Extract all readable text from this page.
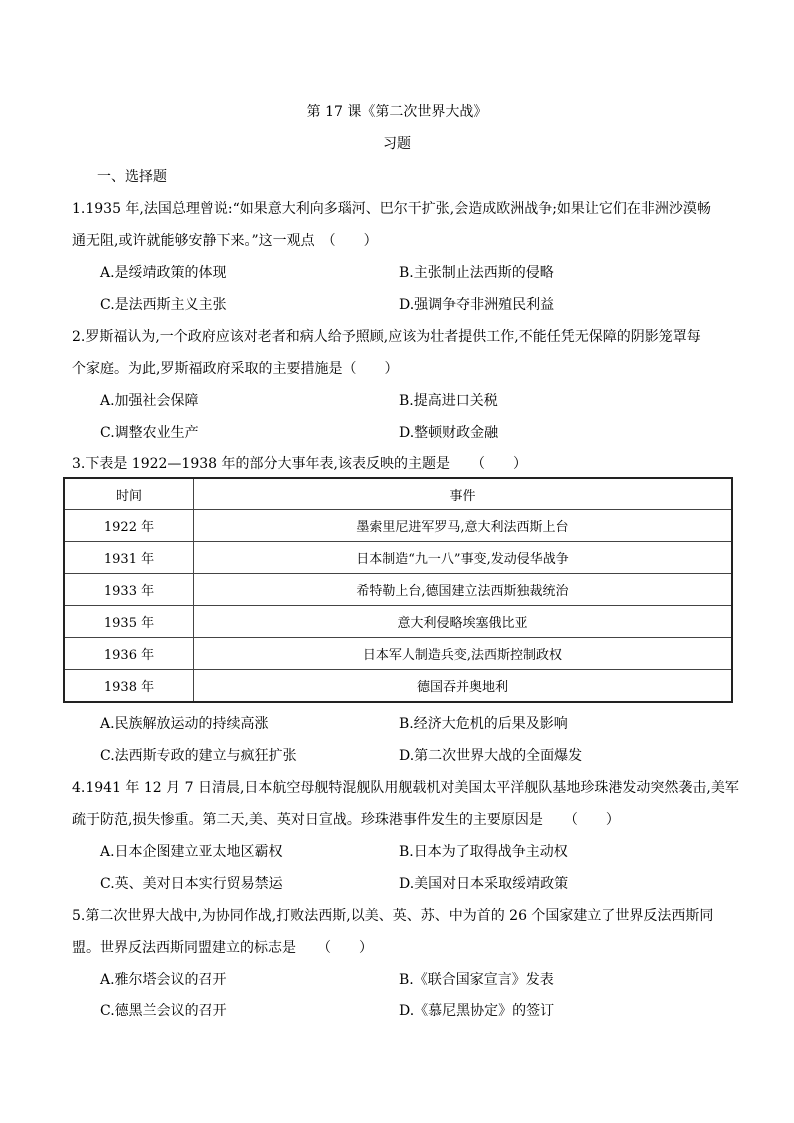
第 17 课《第二次世界大战》
习题
一、选择题
1.1935 年,法国总理曾说:“如果意大利向多瑙河、巴尔干扩张,会造成欧洲战争;如果让它们在非洲沙漠畅
通无阻,或许就能够安静下来。”这一观点　（　　）
A.是绥靖政策的体现	B.主张制止法西斯的侵略
C.是法西斯主义主张	D.强调争夺非洲殖民利益
2.罗斯福认为,一个政府应该对老者和病人给予照顾,应该为壮者提供工作,不能任凭无保障的阴影笼罩每
个家庭。为此,罗斯福政府采取的主要措施是（　　）
A.加强社会保障	B.提高进口关税
C.调整农业生产	D.整顿财政金融
3.下表是 1922—1938 年的部分大事年表,该表反映的主题是　　（　　）
时间	事件
1922 年	墨索里尼进军罗马,意大利法西斯上台
1931 年	日本制造“九一八”事变,发动侵华战争
1933 年	希特勒上台,德国建立法西斯独裁统治
1935 年	意大利侵略埃塞俄比亚
1936 年	日本军人制造兵变,法西斯控制政权
1938 年	德国吞并奥地利
A.民族解放运动的持续高涨	B.经济大危机的后果及影响
C.法西斯专政的建立与疯狂扩张	D.第二次世界大战的全面爆发
4.1941 年 12 月 7 日清晨,日本航空母舰特混舰队用舰载机对美国太平洋舰队基地珍珠港发动突然袭击,美军
疏于防范,损失惨重。第二天,美、英对日宣战。珍珠港事件发生的主要原因是　　（　　）
A.日本企图建立亚太地区霸权	B.日本为了取得战争主动权
C.英、美对日本实行贸易禁运	D.美国对日本采取绥靖政策
5.第二次世界大战中,为协同作战,打败法西斯,以美、英、苏、中为首的 26 个国家建立了世界反法西斯同
盟。世界反法西斯同盟建立的标志是　　（　　）
A.雅尔塔会议的召开	B.《联合国家宣言》发表
C.德黑兰会议的召开	D.《慕尼黑协定》的签订
